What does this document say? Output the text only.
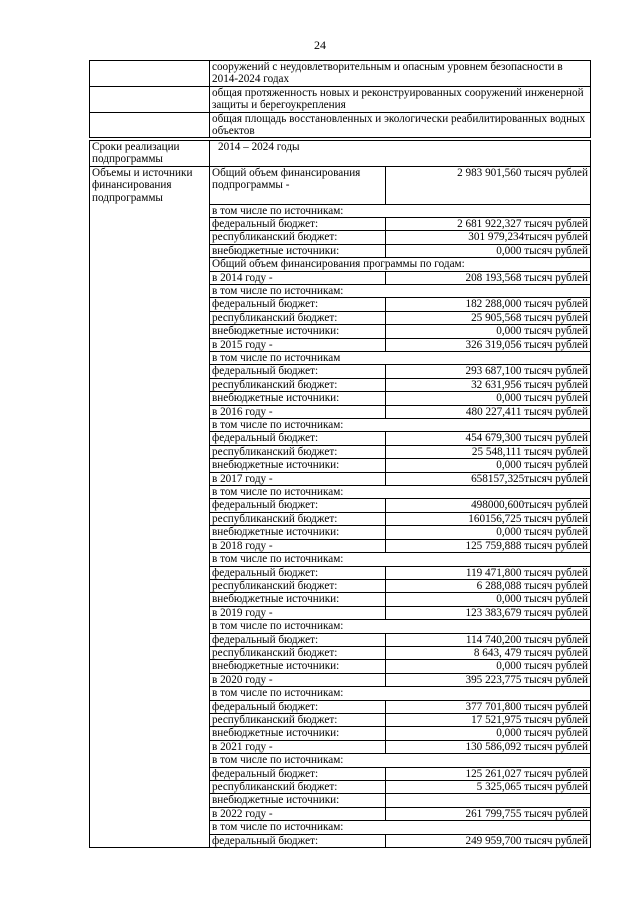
24
	сооружений с неудовлетворительным и опасным уровнем безопасности в 2014-2024 годах
	общая протяженность новых и реконструированных сооружений инженерной защиты и берегоукрепления
	общая площадь восстановленных и экологически реабилитированных водных объектов
Сроки реализации подпрограммы	2014 – 2024 годы	
Объемы и источники финансирования подпрограммы	Общий объем финансирования подпрограммы -	2 983 901,560 тысяч рублей
	в том числе по источникам:	
	федеральный бюджет:	2 681 922,327 тысяч рублей
	республиканский бюджет:	301 979,234тысяч рублей
	внебюджетные источники:	0,000 тысяч рублей
	Общий объем финансирования программы по годам:	
	в 2014 году -	208 193,568 тысяч рублей
	в том числе по источникам:	
	федеральный бюджет:	182 288,000 тысяч рублей
	республиканский бюджет:	25 905,568 тысяч рублей
	внебюджетные источники:	0,000 тысяч рублей
	в 2015 году -	326 319,056 тысяч рублей
	в том числе по источникам	
	федеральный бюджет:	293 687,100 тысяч рублей
	республиканский бюджет:	32 631,956 тысяч рублей
	внебюджетные источники:	0,000 тысяч рублей
	в 2016 году -	480 227,411 тысяч рублей
	в том числе по источникам:	
	федеральный бюджет:	454 679,300 тысяч рублей
	республиканский бюджет:	25 548,111 тысяч рублей
	внебюджетные источники:	0,000 тысяч рублей
	в 2017 году -	658157,325тысяч рублей
	в том числе по источникам:	
	федеральный бюджет:	498000,600тысяч рублей
	республиканский бюджет:	160156,725 тысяч рублей
	внебюджетные источники:	0,000 тысяч рублей
	в 2018 году -	125 759,888 тысяч рублей
	в том числе по источникам:	
	федеральный бюджет:	119 471,800 тысяч рублей
	республиканский бюджет:	6 288,088 тысяч рублей
	внебюджетные источники:	0,000 тысяч рублей
	в 2019 году -	123 383,679 тысяч рублей
	в том числе по источникам:	
	федеральный бюджет:	114 740,200 тысяч рублей
	республиканский бюджет:	8 643, 479 тысяч рублей
	внебюджетные источники:	0,000 тысяч рублей
	в 2020 году -	395 223,775 тысяч рублей
	в том числе по источникам:	
	федеральный бюджет:	377 701,800 тысяч рублей
	республиканский бюджет:	17 521,975 тысяч рублей
	внебюджетные источники:	0,000 тысяч рублей
	в 2021 году -	130 586,092 тысяч рублей
	в том числе по источникам:	
	федеральный бюджет:	125 261,027 тысяч рублей
	республиканский бюджет:	5 325,065 тысяч рублей
	внебюджетные источники:	
	в 2022 году -	261 799,755 тысяч рублей
	в том числе по источникам:	
	федеральный бюджет:	249 959,700 тысяч рублей
